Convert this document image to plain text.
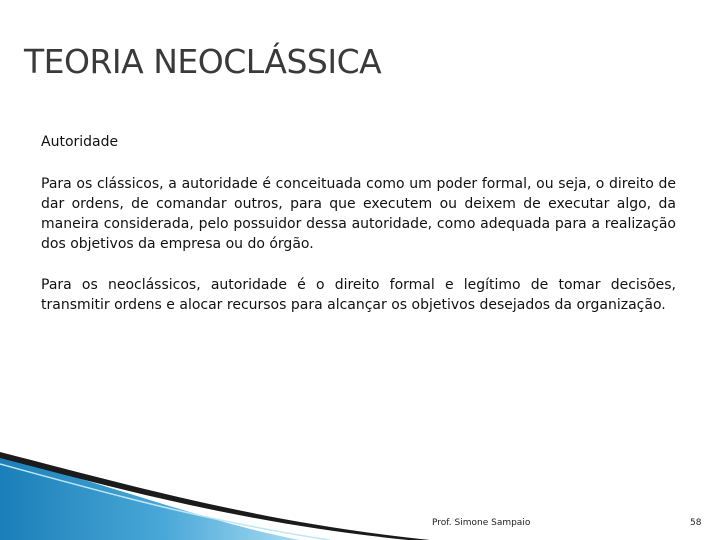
TEORIA NEOCLÁSSICA

Autoridade

Para os clássicos, a autoridade é conceituada como um poder formal, ou seja, o direito de dar ordens, de comandar outros, para que executem ou deixem de executar algo, da maneira considerada, pelo possuidor dessa autoridade, como adequada para a realização dos objetivos da empresa ou do órgão.

Para os neoclássicos, autoridade é o direito formal e legítimo de tomar decisões, transmitir ordens e alocar recursos para alcançar os objetivos desejados da organização.

Prof. Simone Sampaio	58
